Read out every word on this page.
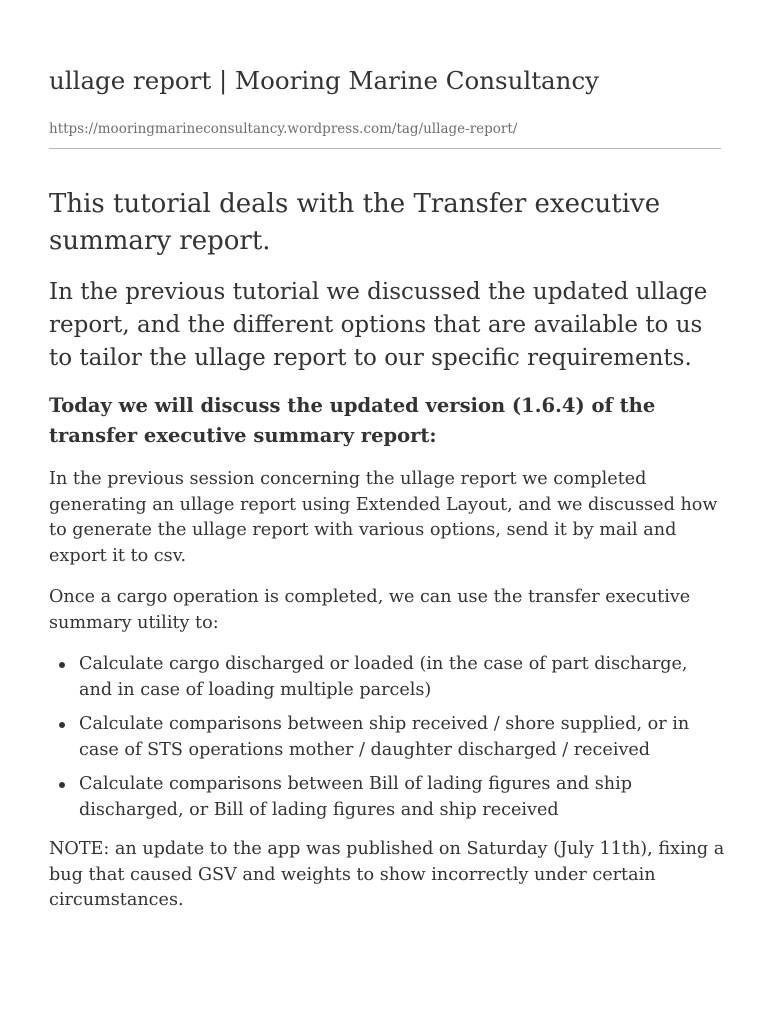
ullage report | Mooring Marine Consultancy

https://mooringmarineconsultancy.wordpress.com/tag/ullage-report/

This tutorial deals with the Transfer executive summary report.

In the previous tutorial we discussed the updated ullage report, and the different options that are available to us to tailor the ullage report to our specific requirements.

Today we will discuss the updated version (1.6.4) of the transfer executive summary report:

In the previous session concerning the ullage report we completed generating an ullage report using Extended Layout, and we discussed how to generate the ullage report with various options, send it by mail and export it to csv.

Once a cargo operation is completed, we can use the transfer executive summary utility to:

Calculate cargo discharged or loaded (in the case of part discharge, and in case of loading multiple parcels)
Calculate comparisons between ship received / shore supplied, or in case of STS operations mother / daughter discharged / received
Calculate comparisons between Bill of lading figures and ship discharged, or Bill of lading figures and ship received

NOTE: an update to the app was published on Saturday (July 11th), fixing a bug that caused GSV and weights to show incorrectly under certain circumstances.
